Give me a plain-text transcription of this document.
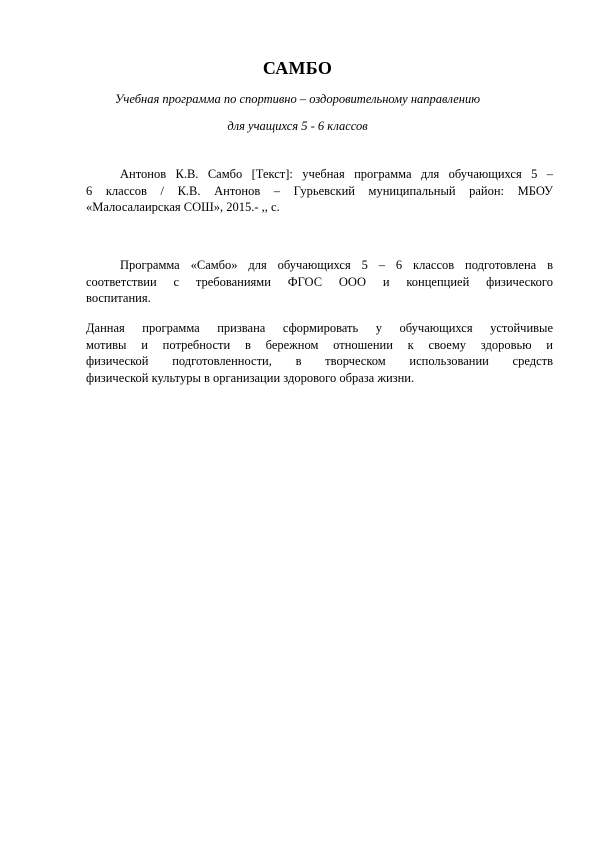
САМБО
Учебная программа по спортивно – оздоровительному направлению
для учащихся 5 - 6 классов
Антонов К.В. Самбо [Текст]: учебная программа для обучающихся 5 –
6 классов / К.В. Антонов – Гурьевский муниципальный район: МБОУ
«Малосалаирская СОШ», 2015.- ,, с.
Программа «Самбо» для обучающихся 5 – 6 классов подготовлена в
соответствии с требованиями ФГОС ООО и концепцией физического
воспитания.
Данная программа призвана сформировать у обучающихся устойчивые
мотивы и потребности в бережном отношении к своему здоровью и
физической подготовленности, в творческом использовании средств
физической культуры в организации здорового образа жизни.
